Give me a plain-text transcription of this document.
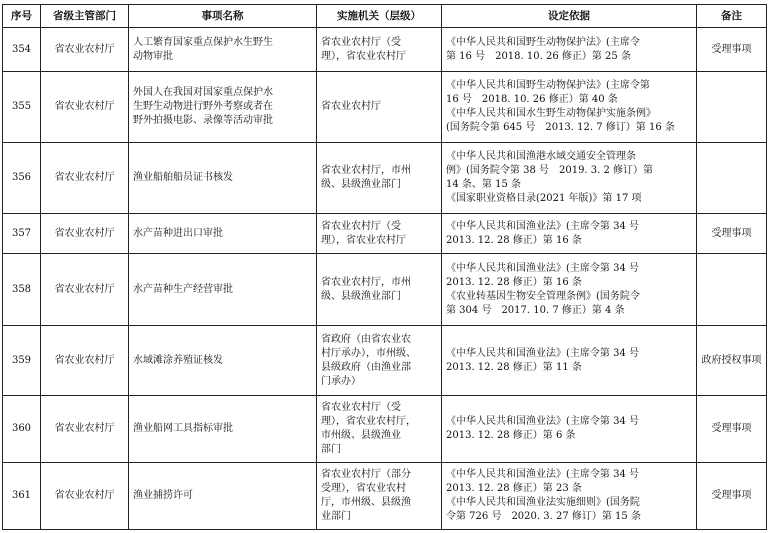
序号	省级主管部门	事项名称	实施机关（层级）	设定依据	备注
354	省农业农村厅	人工繁育国家重点保护水生野生
动物审批	省农业农村厅（受
理），省农业农村厅	《中华人民共和国野生动物保护法》(主席令
第 16 号　2018. 10. 26 修正）第 25 条	受理事项
355	省农业农村厅	外国人在我国对国家重点保护水
生野生动物进行野外考察或者在
野外拍摄电影、录像等活动审批	省农业农村厅	《中华人民共和国野生动物保护法》(主席令第
16 号　2018. 10. 26 修正）第 40 条
《中华人民共和国水生野生动物保护实施条例》
(国务院令第 645 号　2013. 12. 7 修订）第 16 条	

356	省农业农村厅	渔业船舶船员证书核发	省农业农村厅，市州
级、县级渔业部门	《中华人民共和国渔港水域交通安全管理条
例》(国务院令第 38 号　2019. 3. 2 修订）第
14 条、第 15 条
《国家职业资格目录(2021 年版)》第 17 项	

357	省农业农村厅	水产苗种进出口审批	省农业农村厅（受
理），省农业农村厅	《中华人民共和国渔业法》(主席令第 34 号
2013. 12. 28 修正）第 16 条	受理事项
358	省农业农村厅	水产苗种生产经营审批	省农业农村厅，市州
级、县级渔业部门	《中华人民共和国渔业法》(主席令第 34 号
2013. 12. 28 修正）第 16 条
《农业转基因生物安全管理条例》(国务院令
第 304 号　2017. 10. 7 修正）第 4 条	

359	省农业农村厅	水域滩涂养殖证核发	省政府（由省农业农
村厅承办），市州级、
县级政府（由渔业部
门承办）	《中华人民共和国渔业法》(主席令第 34 号
2013. 12. 28 修正）第 11 条	政府授权事项
360	省农业农村厅	渔业船网工具指标审批	省农业农村厅（受
理），省农业农村厅，
市州级、县级渔业
部门	《中华人民共和国渔业法》(主席令第 34 号
2013. 12. 28 修正）第 6 条	受理事项
361	省农业农村厅	渔业捕捞许可	省农业农村厅（部分
受理），省农业农村
厅，市州级、县级渔
业部门	《中华人民共和国渔业法》(主席令第 34 号
2013. 12. 28 修正）第 23 条
《中华人民共和国渔业法实施细则》(国务院
令第 726 号　2020. 3. 27 修订）第 15 条	受理事项
